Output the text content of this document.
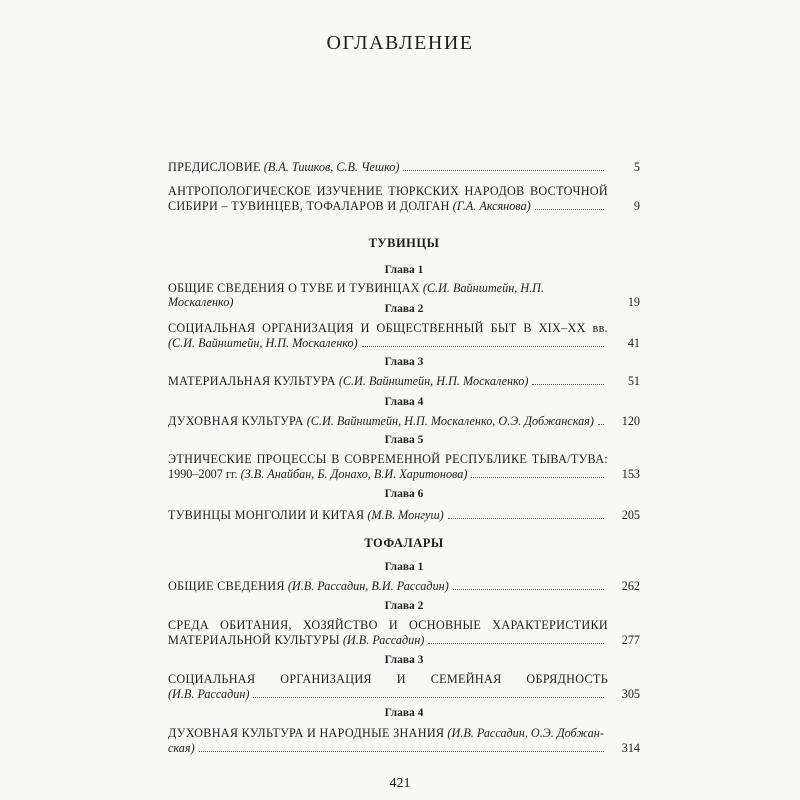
ОГЛАВЛЕНИЕ
ПРЕДИСЛОВИЕ (В.А. Тишков, С.В. Чешко)	5
АНТРОПОЛОГИЧЕСКОЕ ИЗУЧЕНИЕ ТЮРКСКИХ НАРОДОВ ВОСТОЧНОЙ
СИБИРИ – ТУВИНЦЕВ, ТОФАЛАРОВ И ДОЛГАН (Г.А. Аксянова)	9
ТУВИНЦЫ
Глава 1
ОБЩИЕ СВЕДЕНИЯ О ТУВЕ И ТУВИНЦАХ (С.И. Вайнштейн, Н.П. Москаленко)	19
Глава 2
СОЦИАЛЬНАЯ ОРГАНИЗАЦИЯ И ОБЩЕСТВЕННЫЙ БЫТ В XIX–XX вв.
(С.И. Вайнштейн, Н.П. Москаленко)	41
Глава 3
МАТЕРИАЛЬНАЯ КУЛЬТУРА (С.И. Вайнштейн, Н.П. Москаленко)	51
Глава 4
ДУХОВНАЯ КУЛЬТУРА (С.И. Вайнштейн, Н.П. Москаленко, О.Э. Добжанская)	120
Глава 5
ЭТНИЧЕСКИЕ ПРОЦЕССЫ В СОВРЕМЕННОЙ РЕСПУБЛИКЕ ТЫВА/ТУВА:
1990–2007 гг. (З.В. Анайбан, Б. Донахо, В.И. Харитонова)	153
Глава 6
ТУВИНЦЫ МОНГОЛИИ И КИТАЯ (М.В. Монгуш)	205
ТОФАЛАРЫ
Глава 1
ОБЩИЕ СВЕДЕНИЯ (И.В. Рассадин, В.И. Рассадин)	262
Глава 2
СРЕДА ОБИТАНИЯ, ХОЗЯЙСТВО И ОСНОВНЫЕ ХАРАКТЕРИСТИКИ
МАТЕРИАЛЬНОЙ КУЛЬТУРЫ (И.В. Рассадин)	277
Глава 3
СОЦИАЛЬНАЯ ОРГАНИЗАЦИЯ И СЕМЕЙНАЯ ОБРЯДНОСТЬ
(И.В. Рассадин)	305
Глава 4
ДУХОВНАЯ КУЛЬТУРА И НАРОДНЫЕ ЗНАНИЯ (И.В. Рассадин, О.Э. Добжан-
ская)	314
421
